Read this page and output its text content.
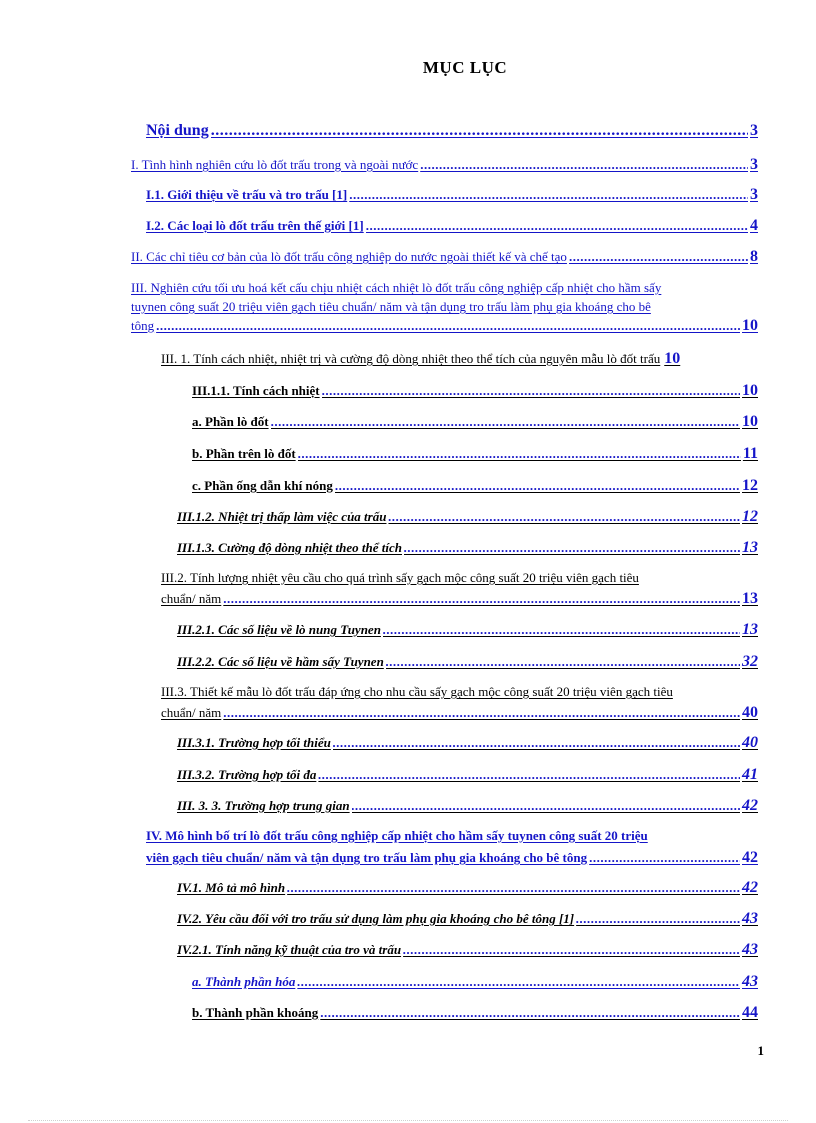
MỤC LỤC
Nội dung .....	3
I. Tình hình nghiên cứu lò đốt trấu trong và ngoài nước .....	3
I.1. Giới thiệu về trấu và tro trấu [1] .....	3
I.2. Các loại lò đốt trấu trên thế giới [1] .....	4
II. Các chỉ tiêu cơ bản của lò đốt trấu công nghiệp do nước ngoài thiết kế và chế tạo .....	8
III. Nghiên cứu tối ưu hoá kết cấu chịu nhiệt cách nhiệt lò đốt trấu công nghiệp cấp nhiệt cho hầm sấy
tuynen công suất 20 triệu viên gạch tiêu chuẩn/ năm và tận dụng tro trấu làm phụ gia khoáng cho bê
tông .....	10
III. 1. Tính cách nhiệt, nhiệt trị và cường độ dòng nhiệt theo thể tích của nguyên mẫu lò đốt trấu 10
III.1.1. Tính cách nhiệt .....	10
a. Phần lò đốt .....	10
b. Phần trên lò đốt .....	11
c. Phần ống dẫn khí nóng .....	12
III.1.2. Nhiệt trị thấp làm việc của trấu .....	12
III.1.3. Cường độ dòng nhiệt theo thể tích .....	13
III.2. Tính lượng nhiệt yêu cầu cho quá trình sấy gạch mộc công suất 20 triệu viên gạch tiêu
chuẩn/ năm .....	13
III.2.1. Các số liệu về lò nung Tuynen .....	13
III.2.2. Các số liệu về hầm sấy Tuynen .....	32
III.3. Thiết kế mẫu lò đốt trấu đáp ứng cho nhu cầu sấy gạch mộc công suất 20 triệu viên gạch tiêu
chuẩn/ năm .....	40
III.3.1. Trường hợp tối thiểu .....	40
III.3.2. Trường hợp tối đa .....	41
III. 3. 3. Trường hợp trung gian .....	42
IV. Mô hình bố trí lò đốt trấu công nghiệp cấp nhiệt cho hầm sấy tuynen công suất 20 triệu
viên gạch tiêu chuẩn/ năm và tận dụng tro trấu làm phụ gia khoáng cho bê tông .....	42
IV.1. Mô tả mô hình .....	42
IV.2. Yêu cầu đối với tro trấu sử dụng làm phụ gia khoáng cho bê tông [1] .....	43
IV.2.1. Tính năng kỹ thuật của tro và trấu .....	43
a. Thành phần hóa .....	43
b. Thành phần khoáng .....	44
1
